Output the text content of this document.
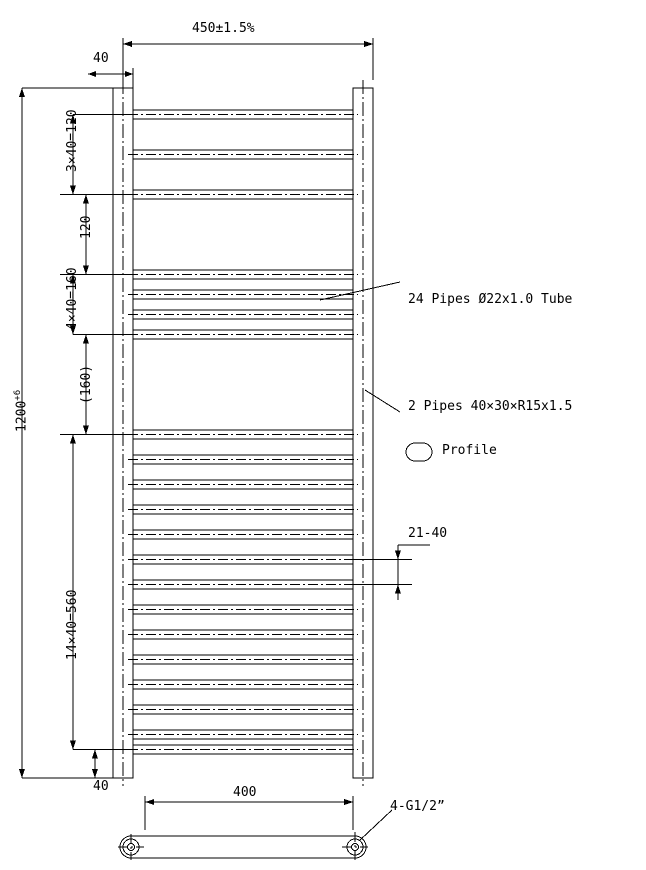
450±1.5%
40
3×40=120
120
4×40=160
(160)
14×40=560
40
$1200^{+6}$
21-40
24 Pipes Ø22x1.0 Tube
2 Pipes 40×30×R15x1.5
Profile
400
4-G1/2”
